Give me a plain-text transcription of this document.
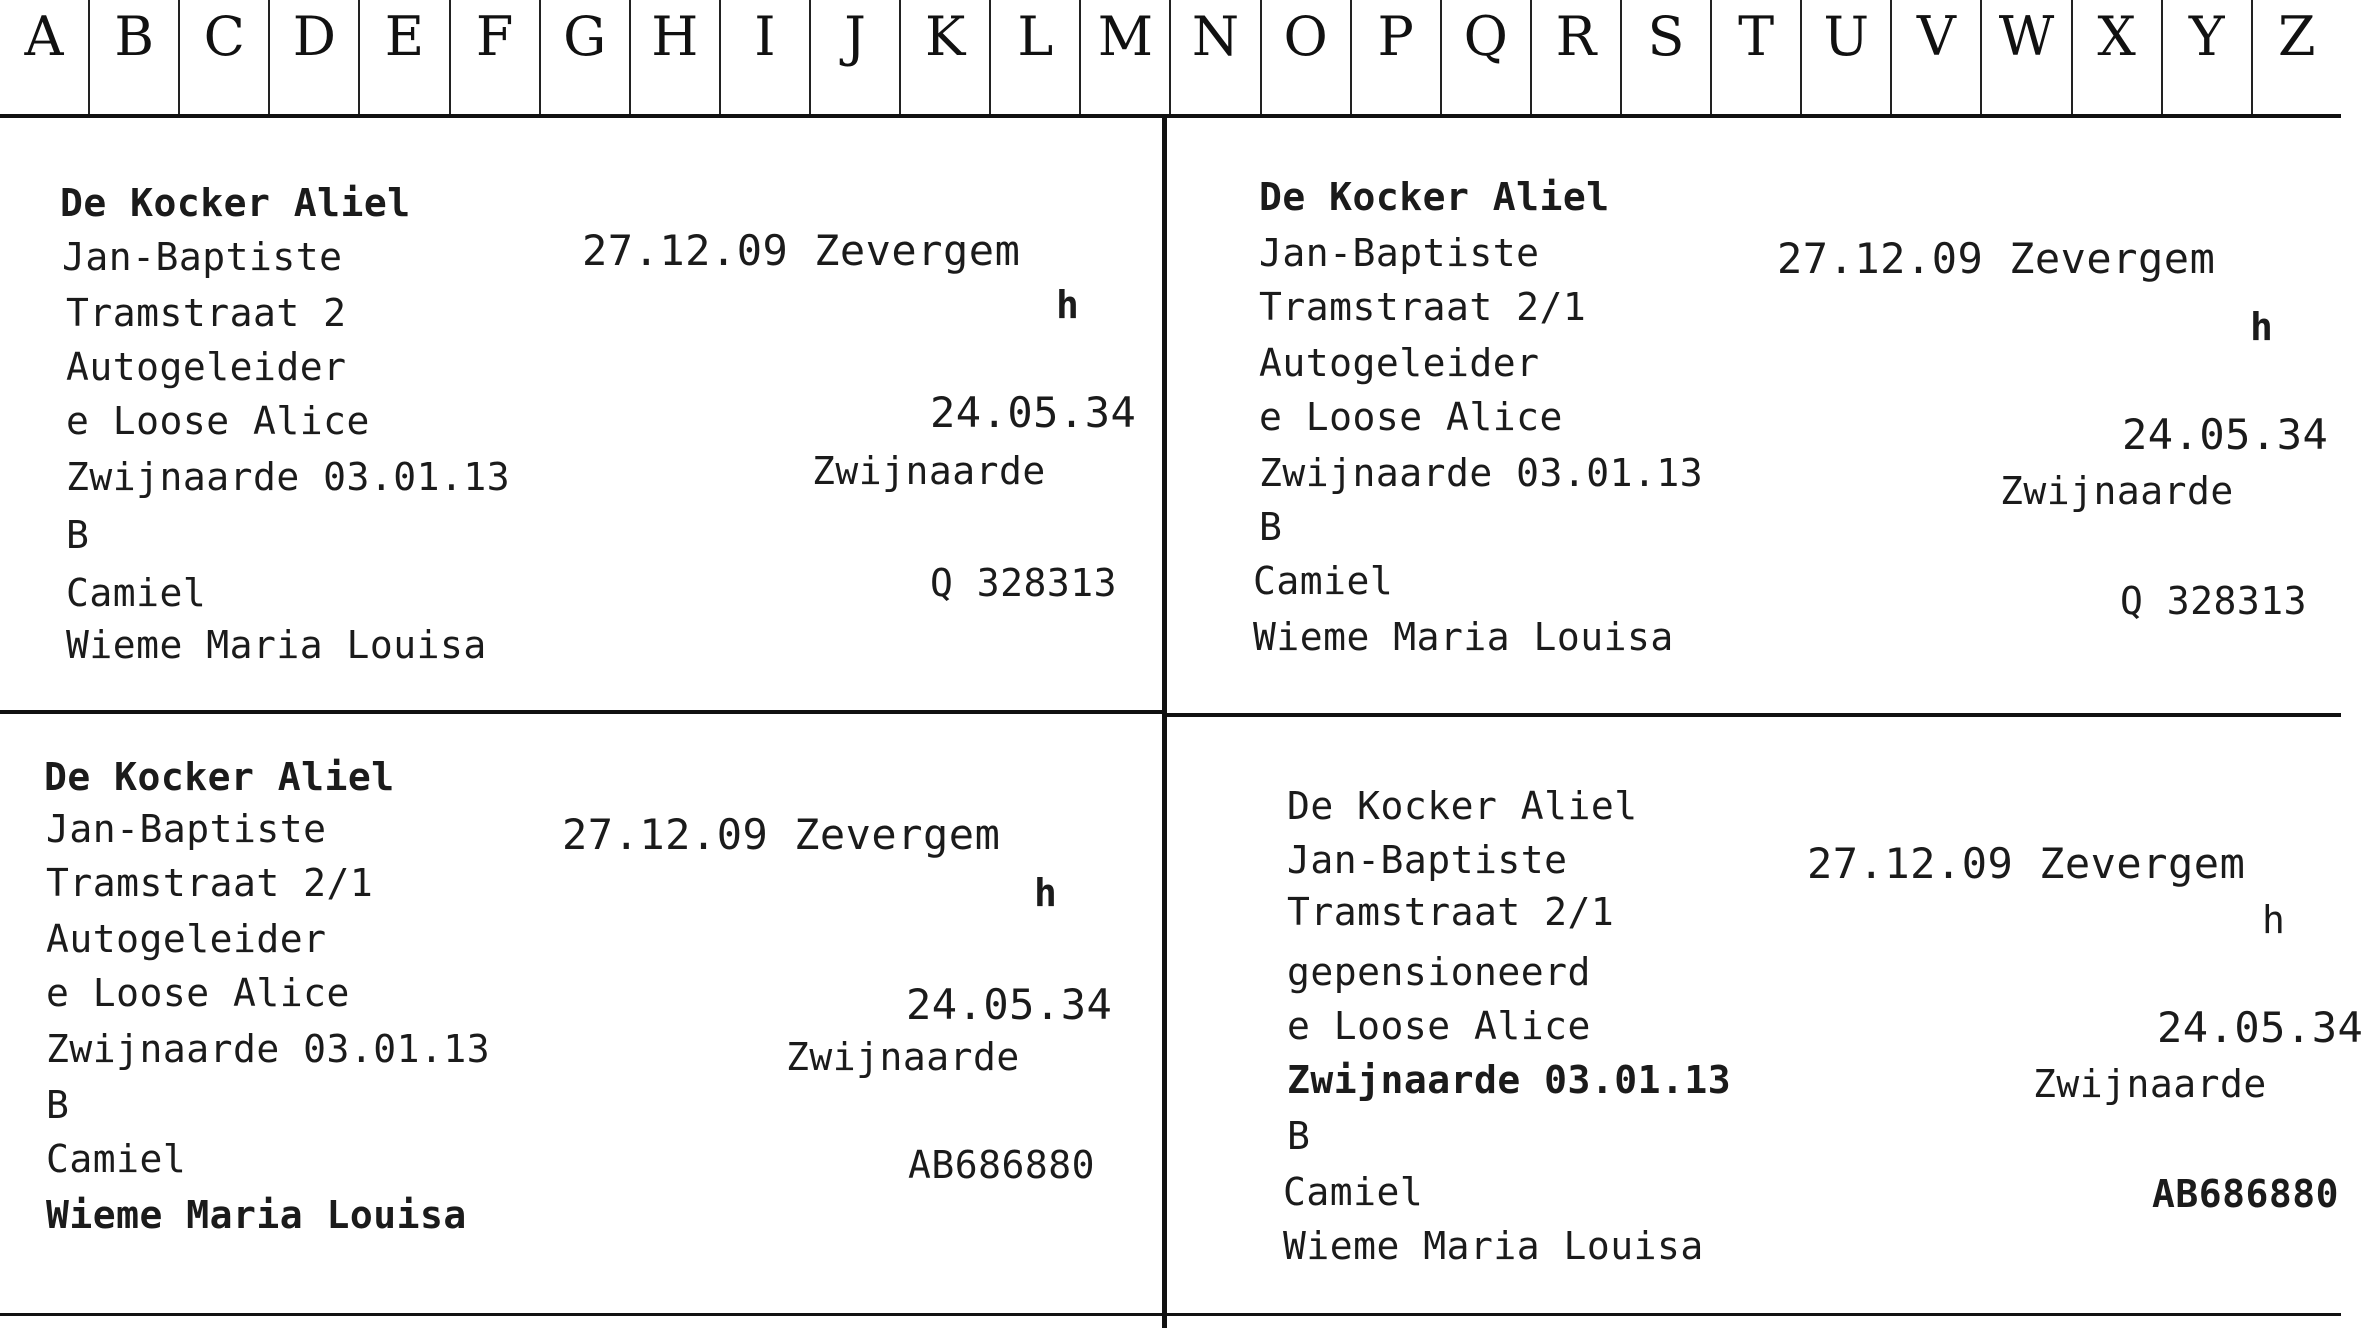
A B C D E F G H	I	J	K L M N O P Q R S T U V W X Y Z
De Kocker Aliel
Jan-Baptiste	27.12.09 Zevergem
Tramstraat 2	h
Autogeleider
e Loose Alice	24.05.34
Zwijnaarde 03.01.13	Zwijnaarde
B
Camiel	Q 328313
Wieme Maria Louisa
De Kocker Aliel
Jan-Baptiste	27.12.09 Zevergem
Tramstraat 2/1	h
Autogeleider
e Loose Alice	24.05.34
Zwijnaarde 03.01.13	Zwijnaarde
B
Camiel	Q 328313
Wieme Maria Louisa
De Kocker Aliel
Jan-Baptiste	27.12.09 Zevergem
Tramstraat 2/1	h
Autogeleider
e Loose Alice	24.05.34
Zwijnaarde 03.01.13	Zwijnaarde
B
Camiel	AB686880
Wieme Maria Louisa
De Kocker Aliel
Jan-Baptiste	27.12.09 Zevergem
Tramstraat 2/1	h
gepensioneerd
e Loose Alice	24.05.34
Zwijnaarde 03.01.13	Zwijnaarde
B
Camiel	AB686880
Wieme Maria Louisa
